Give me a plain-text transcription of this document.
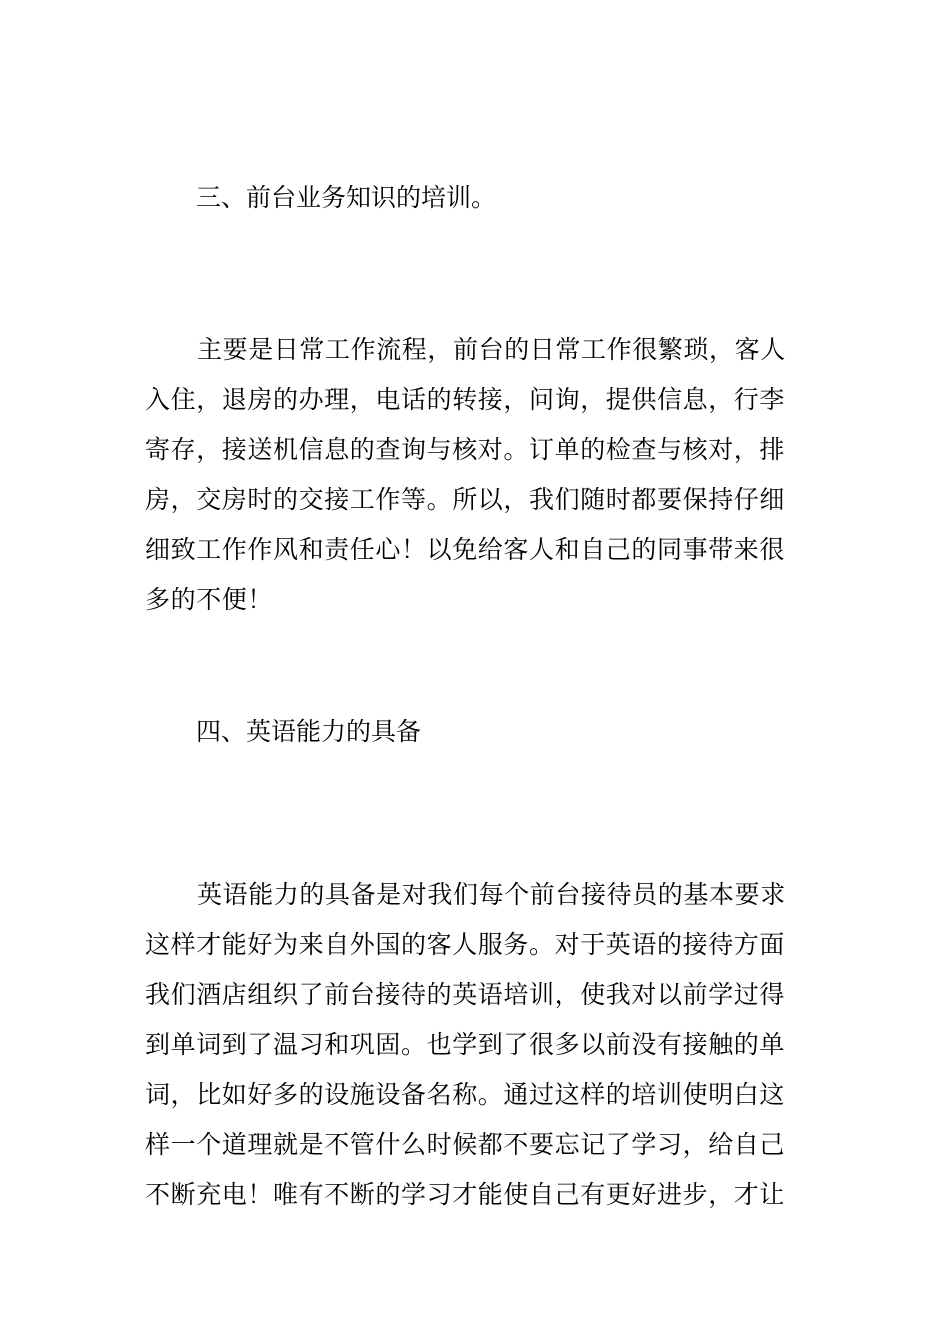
三、前台业务知识的培训。
主要是日常工作流程，前台的日常工作很繁琐，客人
入住，退房的办理，电话的转接，问询，提供信息，行李
寄存，接送机信息的查询与核对。订单的检查与核对，排
房，交房时的交接工作等。所以，我们随时都要保持仔细
细致工作作风和责任心！以免给客人和自己的同事带来很
多的不便！
四、英语能力的具备
英语能力的具备是对我们每个前台接待员的基本要求
这样才能好为来自外国的客人服务。对于英语的接待方面
我们酒店组织了前台接待的英语培训，使我对以前学过得
到单词到了温习和巩固。也学到了很多以前没有接触的单
词，比如好多的设施设备名称。通过这样的培训使明白这
样一个道理就是不管什么时候都不要忘记了学习，给自己
不断充电！唯有不断的学习才能使自己有更好进步，才让
